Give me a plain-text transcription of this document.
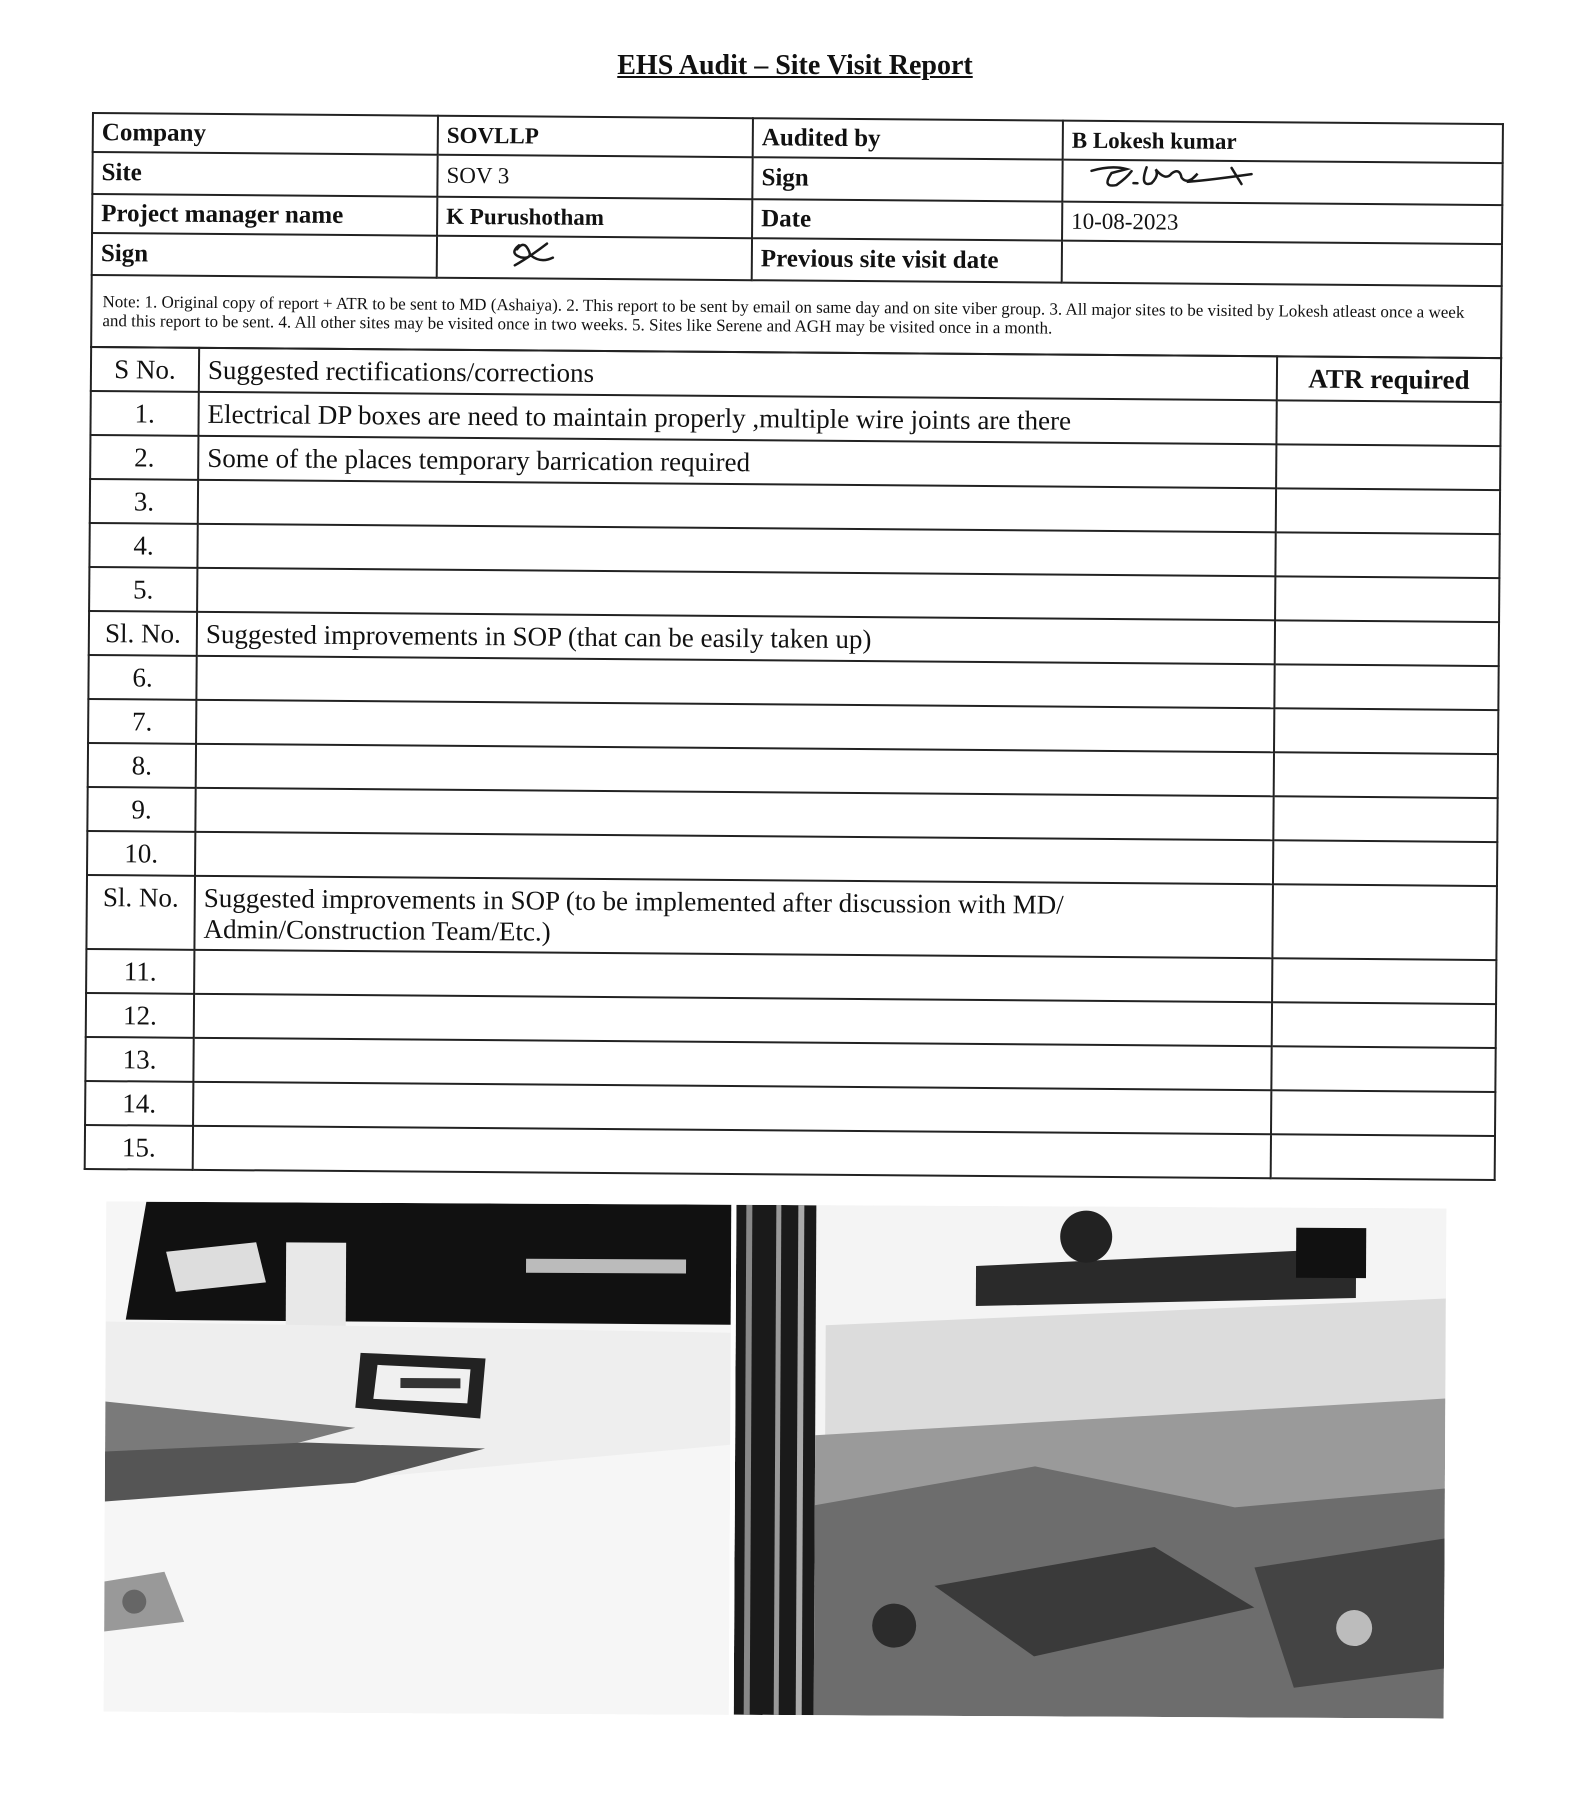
EHS Audit – Site Visit Report
Company	SOVLLP	Audited by	B Lokesh kumar
Site	SOV 3	Sign	
Project manager name	K Purushotham	Date	10-08-2023
Sign		Previous site visit date	
Note: 1. Original copy of report + ATR to be sent to MD (Ashaiya). 2. This report to be sent by email on same day and on site viber group. 3. All major sites to be visited by Lokesh atleast once a week and this report to be sent. 4. All other sites may be visited once in two weeks. 5. Sites like Serene and AGH may be visited once in a month.			
S No.	Suggested rectifications/corrections	ATR required
1.	Electrical DP boxes are need to maintain properly ,multiple wire joints are there	
2.	Some of the places temporary barrication required	
3.		
4.		
5.		
Sl. No.	Suggested improvements in SOP (that can be easily taken up)	
6.		
7.		
8.		
9.		
10.		
Sl. No.	Suggested improvements in SOP (to be implemented after discussion with MD/ Admin/Construction Team/Etc.)	
11.		
12.		
13.		
14.		
15.		
